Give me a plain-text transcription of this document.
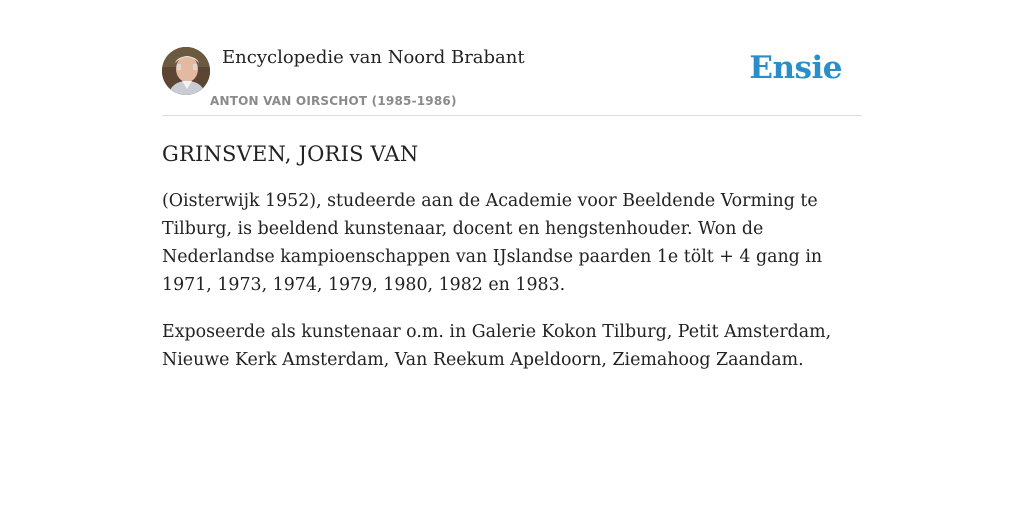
Encyclopedie van Noord Brabant
ANTON VAN OIRSCHOT (1985-1986)
Ensie
GRINSVEN, JORIS VAN

(Oisterwijk 1952), studeerde aan de Academie voor Beeldende Vorming te Tilburg, is beeldend kunstenaar, docent en hengstenhouder. Won de Nederlandse kampioenschappen van IJslandse paarden 1e tölt + 4 gang in 1971, 1973, 1974, 1979, 1980, 1982 en 1983.

Exposeerde als kunstenaar o.m. in Galerie Kokon Tilburg, Petit Amsterdam, Nieuwe Kerk Amsterdam, Van Reekum Apeldoorn, Ziemahoog Zaandam.
